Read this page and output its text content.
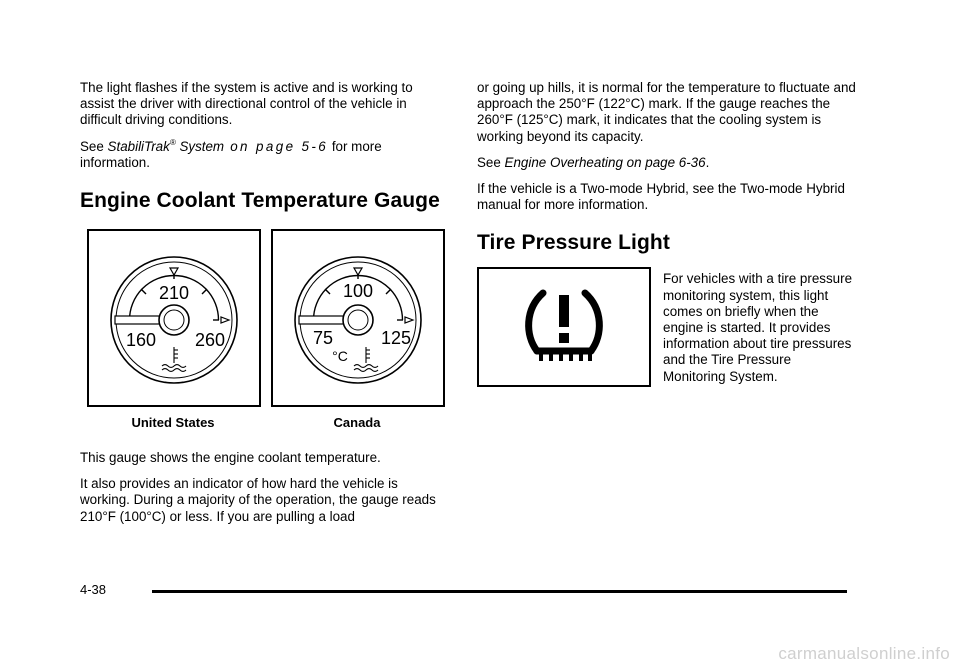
The light flashes if the system is active and is working to assist the driver with directional control of the vehicle in difficult driving conditions.

See StabiliTrak® System on page 5‑6 for more information.

Engine Coolant Temperature Gauge
210
160 260
United States
100
75	125
°C
Canada

This gauge shows the engine coolant temperature.

It also provides an indicator of how hard the vehicle is working. During a majority of the operation, the gauge reads 210°F (100°C) or less. If you are pulling a load

or going up hills, it is normal for the temperature to fluctuate and approach the 250°F (122°C) mark. If the gauge reaches the 260°F (125°C) mark, it indicates that the cooling system is working beyond its capacity.

See Engine Overheating on page 6‑36.

If the vehicle is a Two-mode Hybrid, see the Two-mode Hybrid manual for more information.

Tire Pressure Light

For vehicles with a tire pressure monitoring system, this light comes on briefly when the engine is started. It provides information about tire pressures and the Tire Pressure Monitoring System.

4-38
carmanualsonline.info
